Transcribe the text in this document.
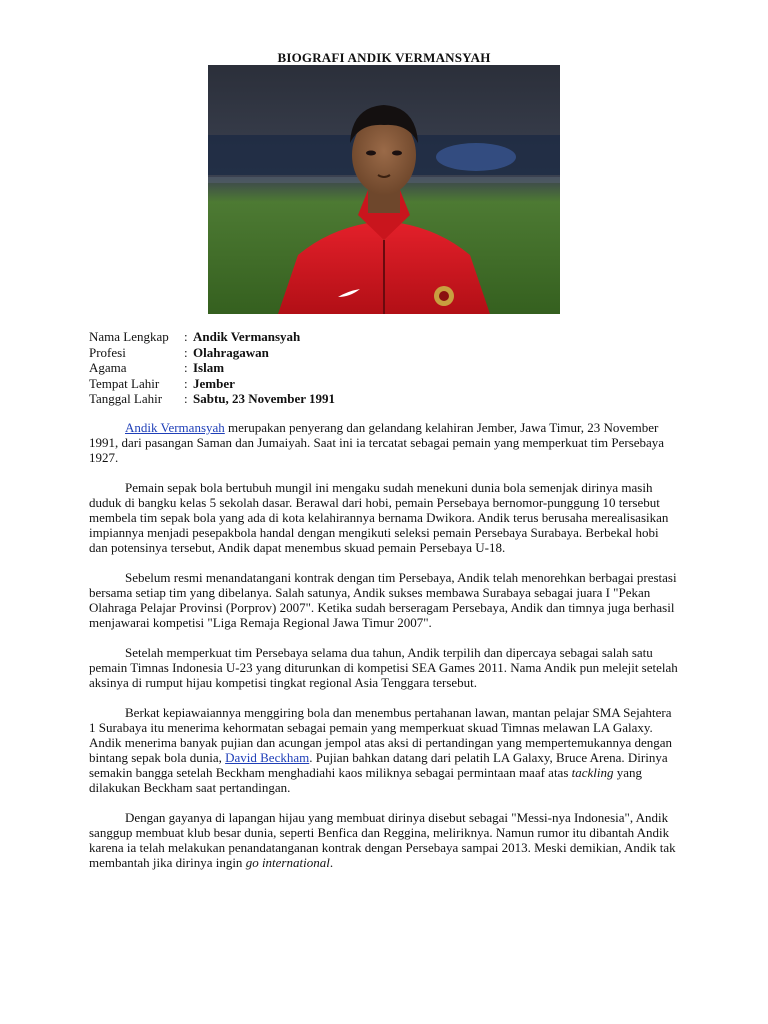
BIOGRAFI ANDIK VERMANSYAH
Nama Lengkap	: Andik Vermansyah
Profesi	: Olahragawan
Agama	: Islam
Tempat Lahir	: Jember
Tanggal Lahir	: Sabtu, 23 November 1991

Andik Vermansyah merupakan penyerang dan gelandang kelahiran Jember, Jawa Timur, 23 November 1991, dari pasangan Saman dan Jumaiyah. Saat ini ia tercatat sebagai pemain yang memperkuat tim Persebaya 1927.

Pemain sepak bola bertubuh mungil ini mengaku sudah menekuni dunia bola semenjak dirinya masih duduk di bangku kelas 5 sekolah dasar. Berawal dari hobi, pemain Persebaya bernomor-punggung 10 tersebut membela tim sepak bola yang ada di kota kelahirannya bernama Dwikora. Andik terus berusaha merealisasikan impiannya menjadi pesepakbola handal dengan mengikuti seleksi pemain Persebaya Surabaya. Berbekal hobi dan potensinya tersebut, Andik dapat menembus skuad pemain Persebaya U-18.

Sebelum resmi menandatangani kontrak dengan tim Persebaya, Andik telah menorehkan berbagai prestasi bersama setiap tim yang dibelanya. Salah satunya, Andik sukses membawa Surabaya sebagai juara I "Pekan Olahraga Pelajar Provinsi (Porprov) 2007". Ketika sudah berseragam Persebaya, Andik dan timnya juga berhasil menjawarai kompetisi "Liga Remaja Regional Jawa Timur 2007".

Setelah memperkuat tim Persebaya selama dua tahun, Andik terpilih dan dipercaya sebagai salah satu pemain Timnas Indonesia U-23 yang diturunkan di kompetisi SEA Games 2011. Nama Andik pun melejit setelah aksinya di rumput hijau kompetisi tingkat regional Asia Tenggara tersebut.

Berkat kepiawaiannya menggiring bola dan menembus pertahanan lawan, mantan pelajar SMA Sejahtera 1 Surabaya itu menerima kehormatan sebagai pemain yang memperkuat skuad Timnas melawan LA Galaxy. Andik menerima banyak pujian dan acungan jempol atas aksi di pertandingan yang mempertemukannya dengan bintang sepak bola dunia, David Beckham. Pujian bahkan datang dari pelatih LA Galaxy, Bruce Arena. Dirinya semakin bangga setelah Beckham menghadiahi kaos miliknya sebagai permintaan maaf atas tackling yang dilakukan Beckham saat pertandingan.

Dengan gayanya di lapangan hijau yang membuat dirinya disebut sebagai "Messi-nya Indonesia", Andik sanggup membuat klub besar dunia, seperti Benfica dan Reggina, meliriknya. Namun rumor itu dibantah Andik karena ia telah melakukan penandatanganan kontrak dengan Persebaya sampai 2013. Meski demikian, Andik tak membantah jika dirinya ingin go international.
